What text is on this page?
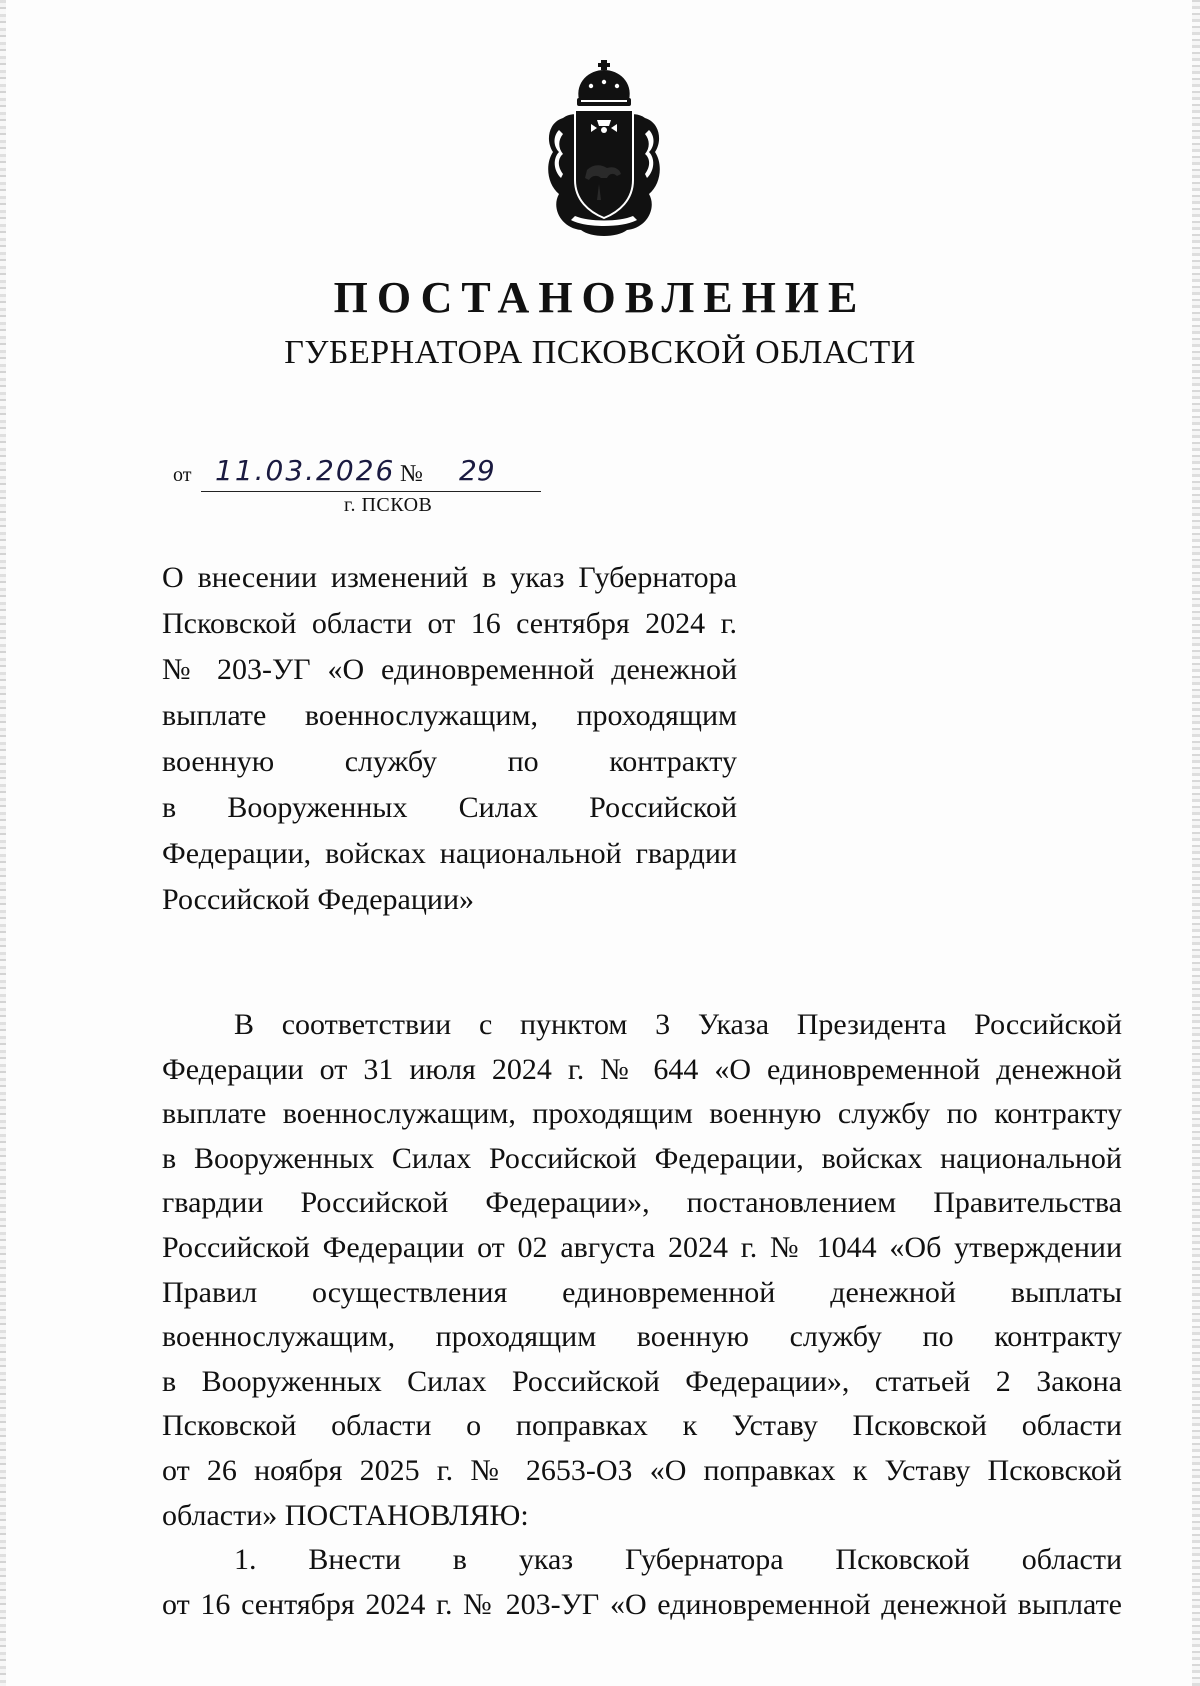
ПОСТАНОВЛЕНИЕ
ГУБЕРНАТОРА ПСКОВСКОЙ ОБЛАСТИ
от 11.03.2026 № 29
г. ПСКОВ
О внесении изменений в указ Губернатора
Псковской области от 16 сентября 2024 г.
№ 203-УГ «О единовременной денежной
выплате военнослужащим, проходящим
военную службу по контракту
в Вооруженных Силах Российской
Федерации, войсках национальной гвардии
Российской Федерации»
В соответствии с пунктом 3 Указа Президента Российской
Федерации от 31 июля 2024 г. № 644 «О единовременной денежной
выплате военнослужащим, проходящим военную службу по контракту
в Вооруженных Силах Российской Федерации, войсках национальной
гвардии Российской Федерации», постановлением Правительства
Российской Федерации от 02 августа 2024 г. № 1044 «Об утверждении
Правил осуществления единовременной денежной выплаты
военнослужащим, проходящим военную службу по контракту
в Вооруженных Силах Российской Федерации», статьей 2 Закона
Псковской области о поправках к Уставу Псковской области
от 26 ноября 2025 г. № 2653-ОЗ «О поправках к Уставу Псковской
области» ПОСТАНОВЛЯЮ:
1. Внести в указ Губернатора Псковской области
от 16 сентября 2024 г. № 203-УГ «О единовременной денежной выплате
